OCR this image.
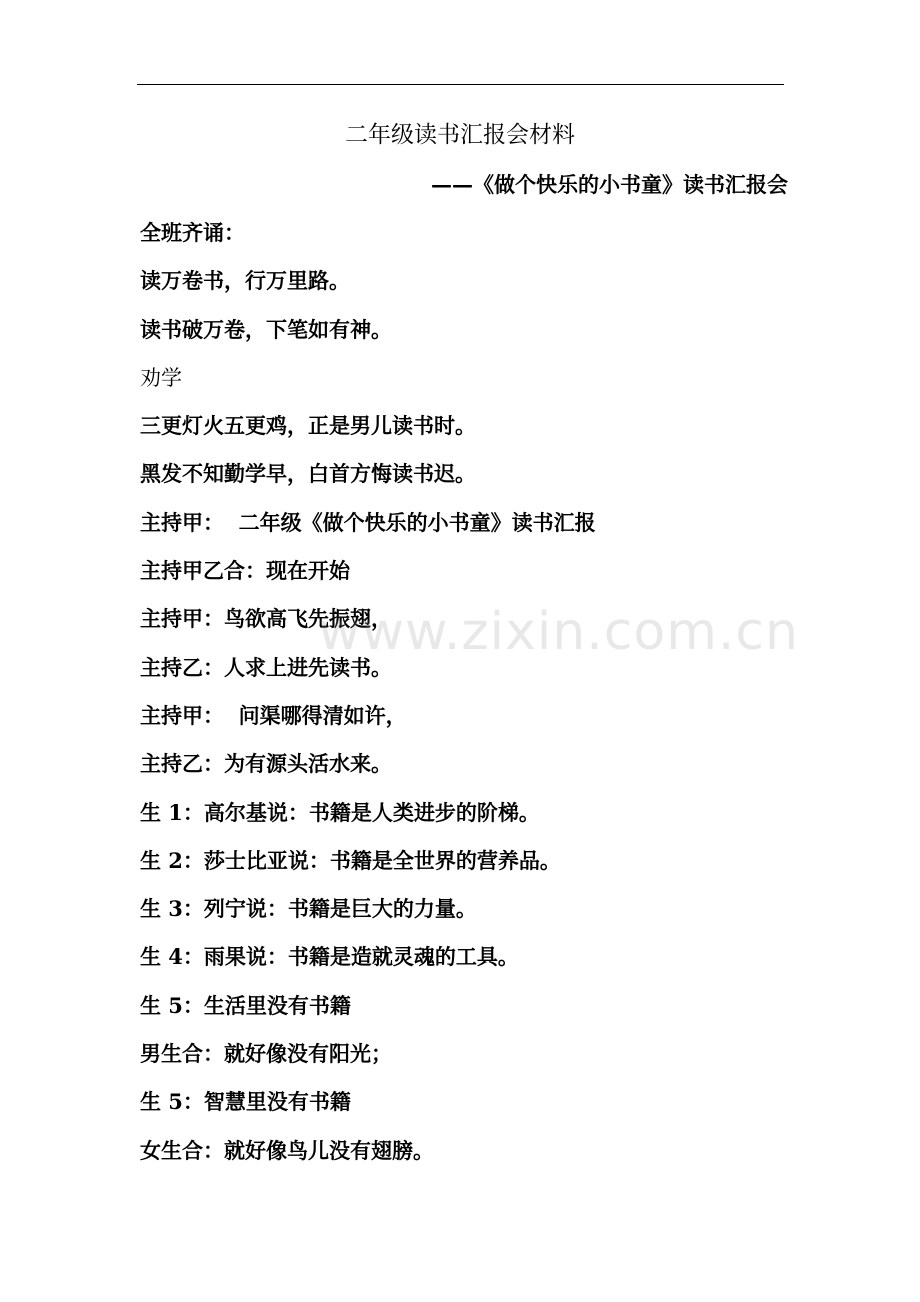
二年级读书汇报会材料
——《做个快乐的小书童》读书汇报会
全班齐诵：
读万卷书，行万里路。
读书破万卷，下笔如有神。
劝学
三更灯火五更鸡，正是男儿读书时。
黑发不知勤学早，白首方悔读书迟。
主持甲：  二年级《做个快乐的小书童》读书汇报
主持甲乙合：现在开始
主持甲：鸟欲高飞先振翅，
主持乙：人求上进先读书。
主持甲：  问渠哪得清如许，
主持乙：为有源头活水来。
生 1：高尔基说：书籍是人类进步的阶梯。
生 2：莎士比亚说：书籍是全世界的营养品。
生 3：列宁说：书籍是巨大的力量。
生 4：雨果说：书籍是造就灵魂的工具。
生 5：生活里没有书籍
男生合：就好像没有阳光；
生 5：智慧里没有书籍
女生合：就好像鸟儿没有翅膀。
www.zixin.com.cn
